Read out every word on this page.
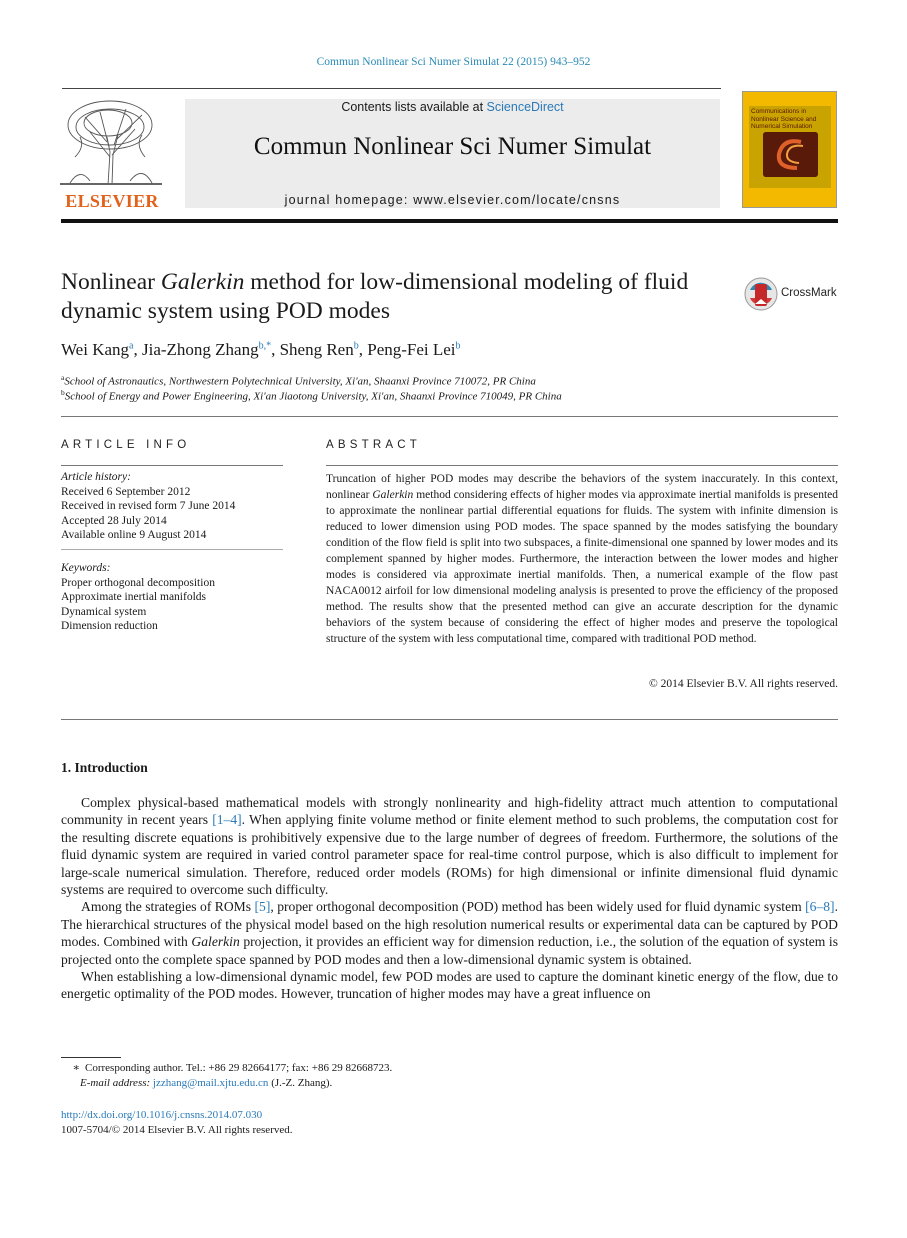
Commun Nonlinear Sci Numer Simulat 22 (2015) 943–952
ELSEVIER
Contents lists available at ScienceDirect
Commun Nonlinear Sci Numer Simulat
journal homepage: www.elsevier.com/locate/cnsns
Communications in Nonlinear Science and Numerical Simulation
Nonlinear Galerkin method for low-dimensional modeling of fluid dynamic system using POD modes
CrossMark
Wei Kang$^a$, Jia-Zhong Zhang$^{b,*}$, Sheng Ren$^b$, Peng-Fei Lei$^b$
$^a$School of Astronautics, Northwestern Polytechnical University, Xi'an, Shaanxi Province 710072, PR China
$^b$School of Energy and Power Engineering, Xi'an Jiaotong University, Xi'an, Shaanxi Province 710049, PR China
ARTICLE INFO	ABSTRACT
Article history:
Received 6 September 2012
Received in revised form 7 June 2014
Accepted 28 July 2014
Available online 9 August 2014
Keywords:
Proper orthogonal decomposition
Approximate inertial manifolds
Dynamical system
Dimension reduction
Truncation of higher POD modes may describe the behaviors of the system inaccurately. In this context, nonlinear Galerkin method considering effects of higher modes via approximate inertial manifolds is presented to approximate the nonlinear partial differential equations for fluids. The system with infinite dimension is reduced to lower dimension using POD modes. The space spanned by the modes satisfying the boundary condition of the flow field is split into two subspaces, a finite-dimensional one spanned by lower modes and its complement spanned by higher modes. Furthermore, the interaction between the lower modes and higher modes is considered via approximate inertial manifolds. Then, a numerical example of the flow past NACA0012 airfoil for low dimensional modeling analysis is presented to prove the efficiency of the proposed method. The results show that the presented method can give an accurate description for the dynamic behaviors of the system because of considering the effect of higher modes and preserve the topological structure of the system with less computational time, compared with traditional POD method.
© 2014 Elsevier B.V. All rights reserved.
1. Introduction

Complex physical-based mathematical models with strongly nonlinearity and high-fidelity attract much attention to computational community in recent years [1–4]. When applying finite volume method or finite element method to such problems, the computation cost for the resulting discrete equations is prohibitively expensive due to the large number of degrees of freedom. Furthermore, the solutions of the fluid dynamic system are required in varied control parameter space for real-time control purpose, which is also difficult to implement for large-scale numerical simulation. Therefore, reduced order models (ROMs) for high dimensional or infinite dimensional fluid dynamic systems are required to overcome such difficulty.

Among the strategies of ROMs [5], proper orthogonal decomposition (POD) method has been widely used for fluid dynamic system [6–8]. The hierarchical structures of the physical model based on the high resolution numerical results or experimental data can be captured by POD modes. Combined with Galerkin projection, it provides an efficient way for dimension reduction, i.e., the solution of the equation of system is projected onto the complete space spanned by POD modes and then a low-dimensional dynamic system is obtained.

When establishing a low-dimensional dynamic model, few POD modes are used to capture the dominant kinetic energy of the flow, due to energetic optimality of the POD modes. However, truncation of higher modes may have a great influence on

∗ Corresponding author. Tel.: +86 29 82664177; fax: +86 29 82668723.
E-mail address: jzzhang@mail.xjtu.edu.cn (J.-Z. Zhang).
http://dx.doi.org/10.1016/j.cnsns.2014.07.030
1007-5704/© 2014 Elsevier B.V. All rights reserved.
